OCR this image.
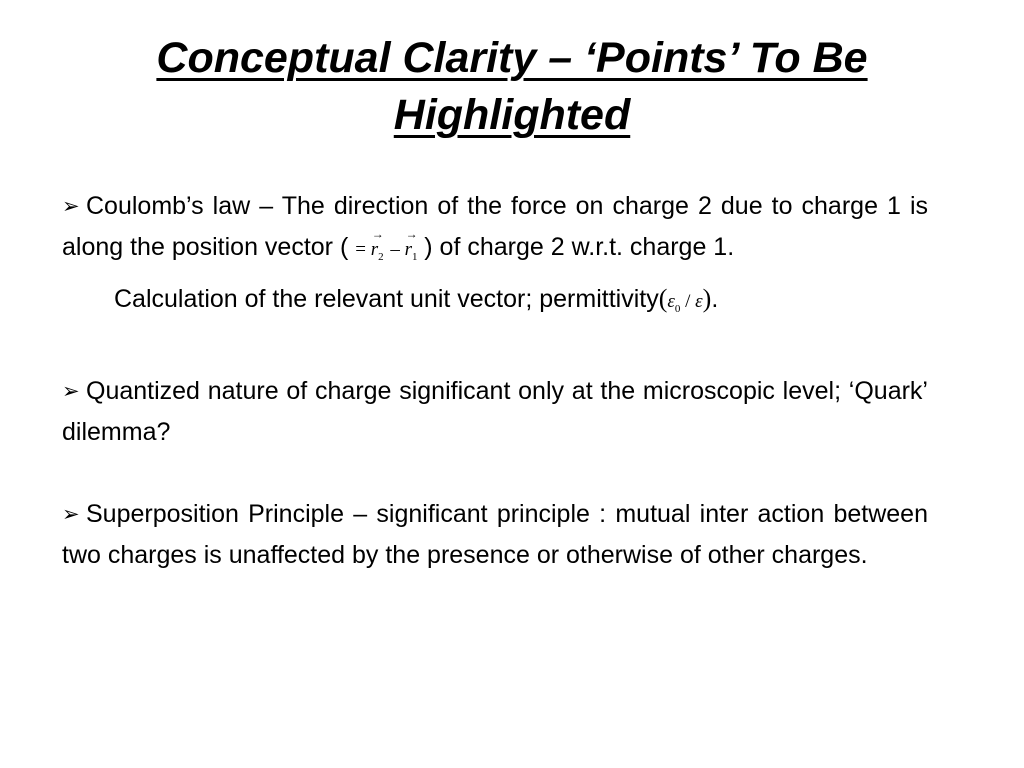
Conceptual Clarity – ‘Points’ To Be Highlighted

➢ Coulomb’s law – The direction of the force on charge 2 due to charge 1 is along the position vector ( =
→
$r_2$ –
→
$r_1$ ) of charge 2 w.r.t. charge 1.

Calculation of the relevant unit vector; $permittivity(\varepsilon_0 / \varepsilon)$.

➢ Quantized nature of charge significant only at the microscopic level; ‘Quark’ dilemma?

➢ Superposition Principle – significant principle : mutual inter action between two charges is unaffected by the presence or otherwise of other charges.
